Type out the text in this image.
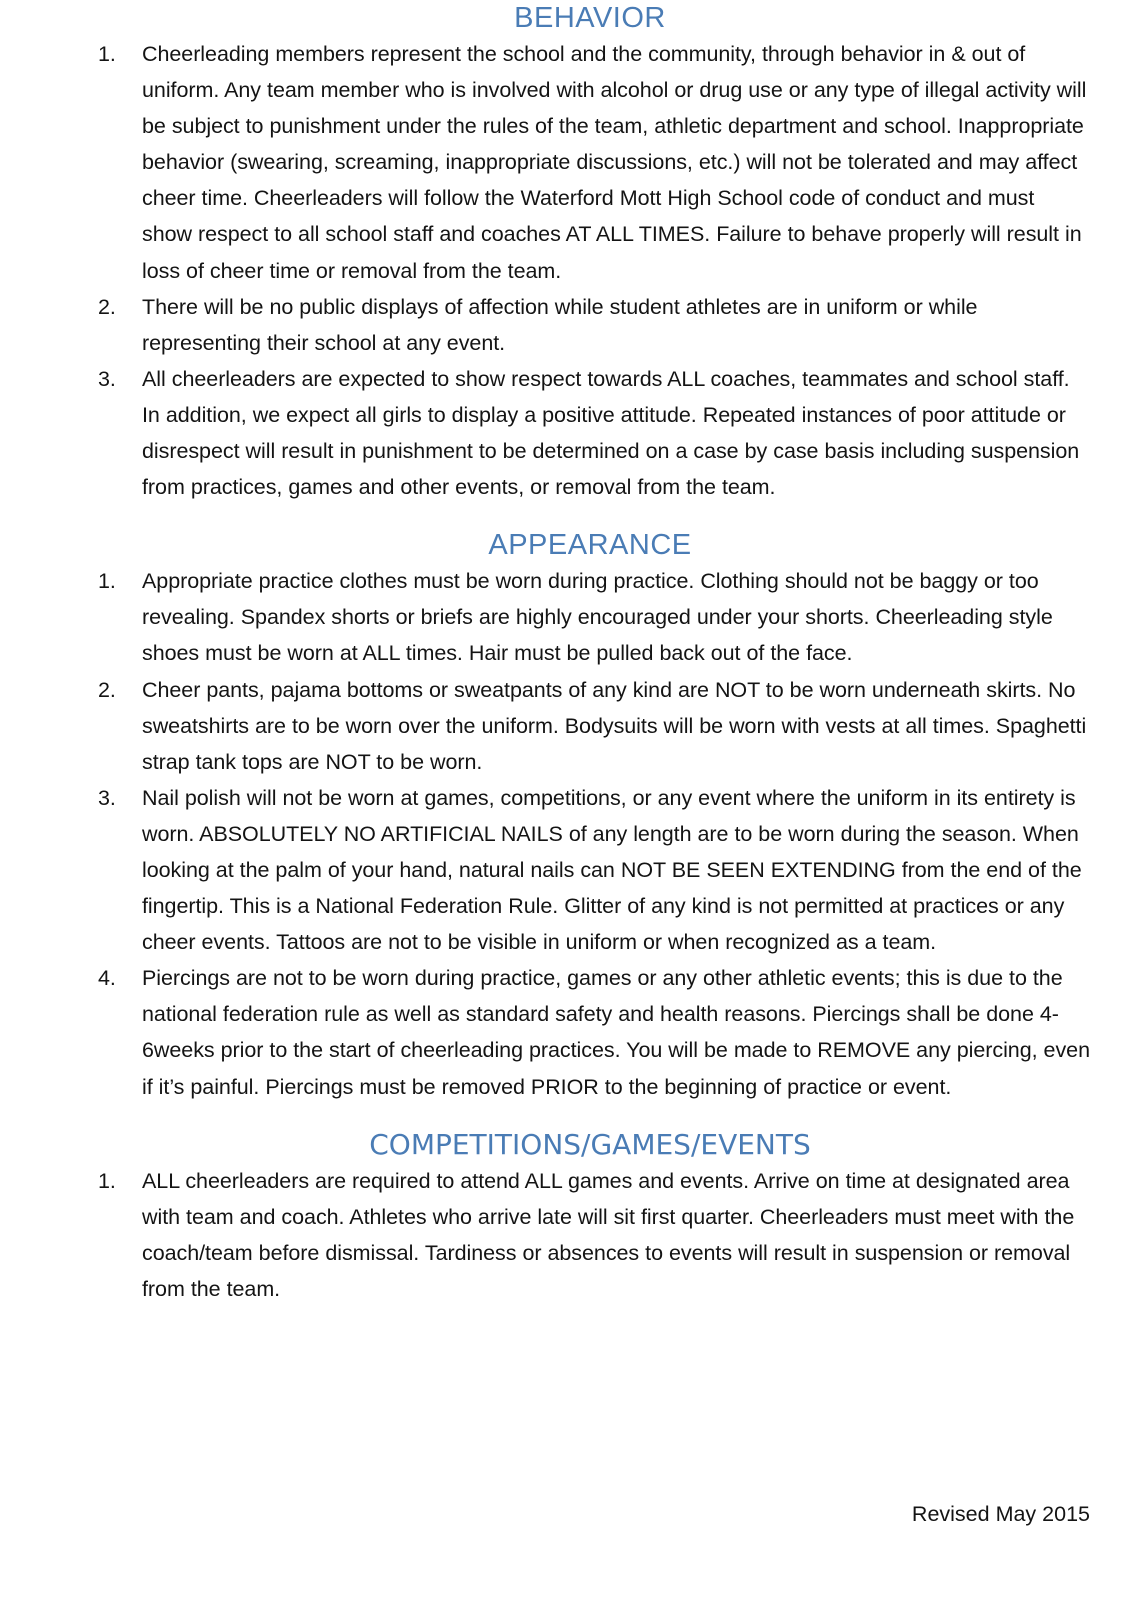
BEHAVIOR
1.	Cheerleading members represent the school and the community, through behavior in & out of uniform. Any team member who is involved with alcohol or drug use or any type of illegal activity will be subject to punishment under the rules of the team, athletic department and school. Inappropriate behavior (swearing, screaming, inappropriate discussions, etc.) will not be tolerated and may affect cheer time. Cheerleaders will follow the Waterford Mott High School code of conduct and must show respect to all school staff and coaches AT ALL TIMES. Failure to behave properly will result in loss of cheer time or removal from the team.
2.	There will be no public displays of affection while student athletes are in uniform or while representing their school at any event.
3.	All cheerleaders are expected to show respect towards ALL coaches, teammates and school staff. In addition, we expect all girls to display a positive attitude. Repeated instances of poor attitude or disrespect will result in punishment to be determined on a case by case basis including suspension from practices, games and other events, or removal from the team.
APPEARANCE
1.	Appropriate practice clothes must be worn during practice. Clothing should not be baggy or too revealing. Spandex shorts or briefs are highly encouraged under your shorts. Cheerleading style shoes must be worn at ALL times. Hair must be pulled back out of the face.
2.	Cheer pants, pajama bottoms or sweatpants of any kind are NOT to be worn underneath skirts. No sweatshirts are to be worn over the uniform. Bodysuits will be worn with vests at all times. Spaghetti strap tank tops are NOT to be worn.
3.	Nail polish will not be worn at games, competitions, or any event where the uniform in its entirety is worn. ABSOLUTELY NO ARTIFICIAL NAILS of any length are to be worn during the season. When looking at the palm of your hand, natural nails can NOT BE SEEN EXTENDING from the end of the fingertip. This is a National Federation Rule. Glitter of any kind is not permitted at practices or any cheer events. Tattoos are not to be visible in uniform or when recognized as a team.
4.	Piercings are not to be worn during practice, games or any other athletic events; this is due to the national federation rule as well as standard safety and health reasons. Piercings shall be done 4-6weeks prior to the start of cheerleading practices. You will be made to REMOVE any piercing, even if it’s painful. Piercings must be removed PRIOR to the beginning of practice or event.
COMPETITIONS/GAMES/EVENTS
1.	ALL cheerleaders are required to attend ALL games and events. Arrive on time at designated area with team and coach. Athletes who arrive late will sit first quarter. Cheerleaders must meet with the coach/team before dismissal. Tardiness or absences to events will result in suspension or removal from the team.
Revised May 2015
